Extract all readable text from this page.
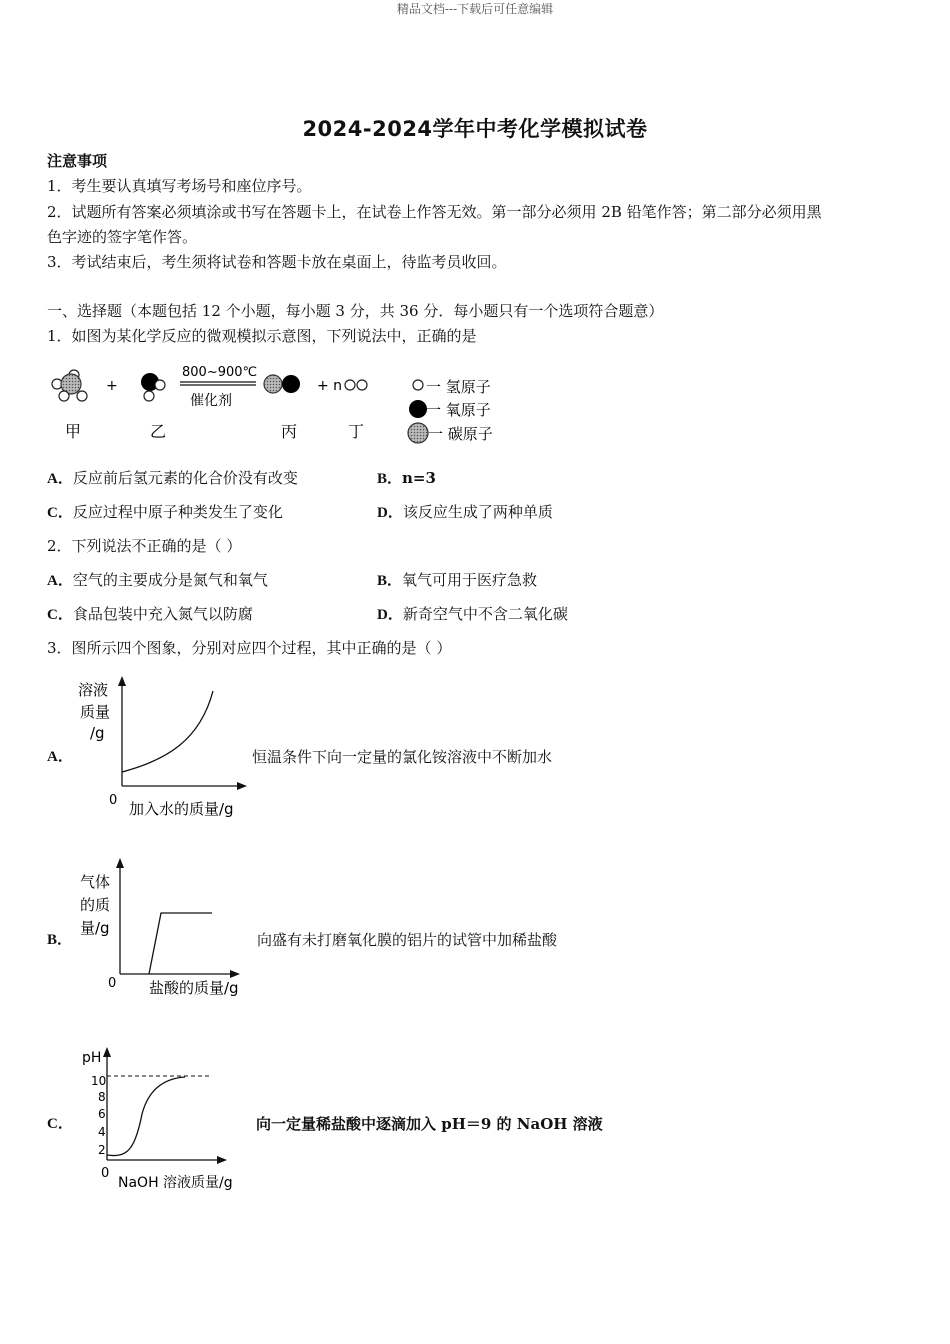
精品文档---下载后可任意编辑
2024-2024学年中考化学模拟试卷
注意事项
1．考生要认真填写考场号和座位序号。
2．试题所有答案必须填涂或书写在答题卡上，在试卷上作答无效。第一部分必须用 2B 铅笔作答；第二部分必须用黑
色字迹的签字笔作答。
3．考试结束后，考生须将试卷和答题卡放在桌面上，待监考员收回。
一、选择题（本题包括 12 个小题，每小题 3 分，共 36 分．每小题只有一个选项符合题意）
1．如图为某化学反应的微观模拟示意图，下列说法中，正确的是
+
800~900℃
催化剂
+ n
甲	乙	丙	丁
一 氢原子
一 氧原子
一 碳原子
A．反应前后氢元素的化合价没有改变	B．n=3
C．反应过程中原子种类发生了变化	D．该反应生成了两种单质
2．下列说法不正确的是（ ）
A．空气的主要成分是氮气和氧气	B．氧气可用于医疗急救
C．食品包装中充入氮气以防腐	D．新奇空气中不含二氧化碳
3．图所示四个图象，分别对应四个过程，其中正确的是（ ）
A．
溶液
质量
/g
0 加入水的质量/g
恒温条件下向一定量的氯化铵溶液中不断加水
B．
气体
的质
量/g
0 盐酸的质量/g
向盛有未打磨氧化膜的铝片的试管中加稀盐酸
C．
pH
10
8
6
4
2
0
NaOH 溶液质量/g
向一定量稀盐酸中逐滴加入 pH＝9 的 NaOH 溶液
